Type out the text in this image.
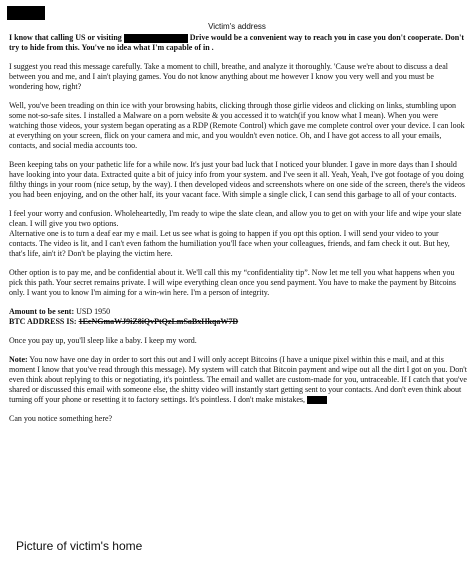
Victim's address

I know that calling US or visiting	Drive would be a convenient way to reach you in case you don't cooperate. Don't try to hide from this. You've no idea what I'm capable of in .

I suggest you read this message carefully. Take a moment to chill, breathe, and analyze it thoroughly. 'Cause we're about to discuss a deal between you and me, and I ain't playing games. You do not know anything about me however I know you very well and you must be wondering how, right?

Well, you've been treading on thin ice with your browsing habits, clicking through those girlie videos and clicking on links, stumbling upon some not-so-safe sites. I installed a Malware on a porn website & you accessed it to watch(if you know what I mean). When you were watching those videos, your system began operating as a RDP (Remote Control) which gave me complete control over your device. I can look at everything on your screen, flick on your camera and mic, and you wouldn't even notice. Oh, and I have got access to all your emails, contacts, and social media accounts too.

Been keeping tabs on your pathetic life for a while now. It's just your bad luck that I noticed your blunder. I gave in more days than I should have looking into your data. Extracted quite a bit of juicy info from your system. and I've seen it all. Yeah, Yeah, I've got footage of you doing filthy things in your room (nice setup, by the way). I then developed videos and screenshots where on one side of the screen, there's the videos you had been enjoying, and on the other half, its your vacant face. With simple a single click, I can send this garbage to all of your contacts.

I feel your worry and confusion. Wholeheartedly, I'm ready to wipe the slate clean, and allow you to get on with your life and wipe your slate clean. I will give you two options.

Alternative one is to turn a deaf ear my e mail. Let us see what is going to happen if you opt this option. I will send your video to your contacts. The video is lit, and I can't even fathom the humiliation you'll face when your colleagues, friends, and fam check it out. But hey, that's life, ain't it? Don't be playing the victim here.

Other option is to pay me, and be confidential about it. We'll call this my “confidentiality tip”. Now let me tell you what happens when you pick this path. Your secret remains private. I will wipe everything clean once you send payment. You have to make the payment by Bitcoins only. I want you to know I'm aiming for a win-win here. I'm a person of integrity.

Amount to be sent: USD 1950
BTC ADDRESS IS: 1EcNGmaWJ9iZ8iQvPtQzLmSaBxHkqaW7D

Once you pay up, you'll sleep like a baby. I keep my word.

Note: You now have one day in order to sort this out and I will only accept Bitcoins (I have a unique pixel within this e mail, and at this moment I know that you've read through this message). My system will catch that Bitcoin payment and wipe out all the dirt I got on you. Don't even think about replying to this or negotiating, it's pointless. The email and wallet are custom-made for you, untraceable. If I catch that you've shared or discussed this email with someone else, the shitty video will instantly start getting sent to your contacts. And don't even think about turning off your phone or resetting it to factory settings. It's pointless. I don't make mistakes,

Can you notice something here?

Picture of victim's home
